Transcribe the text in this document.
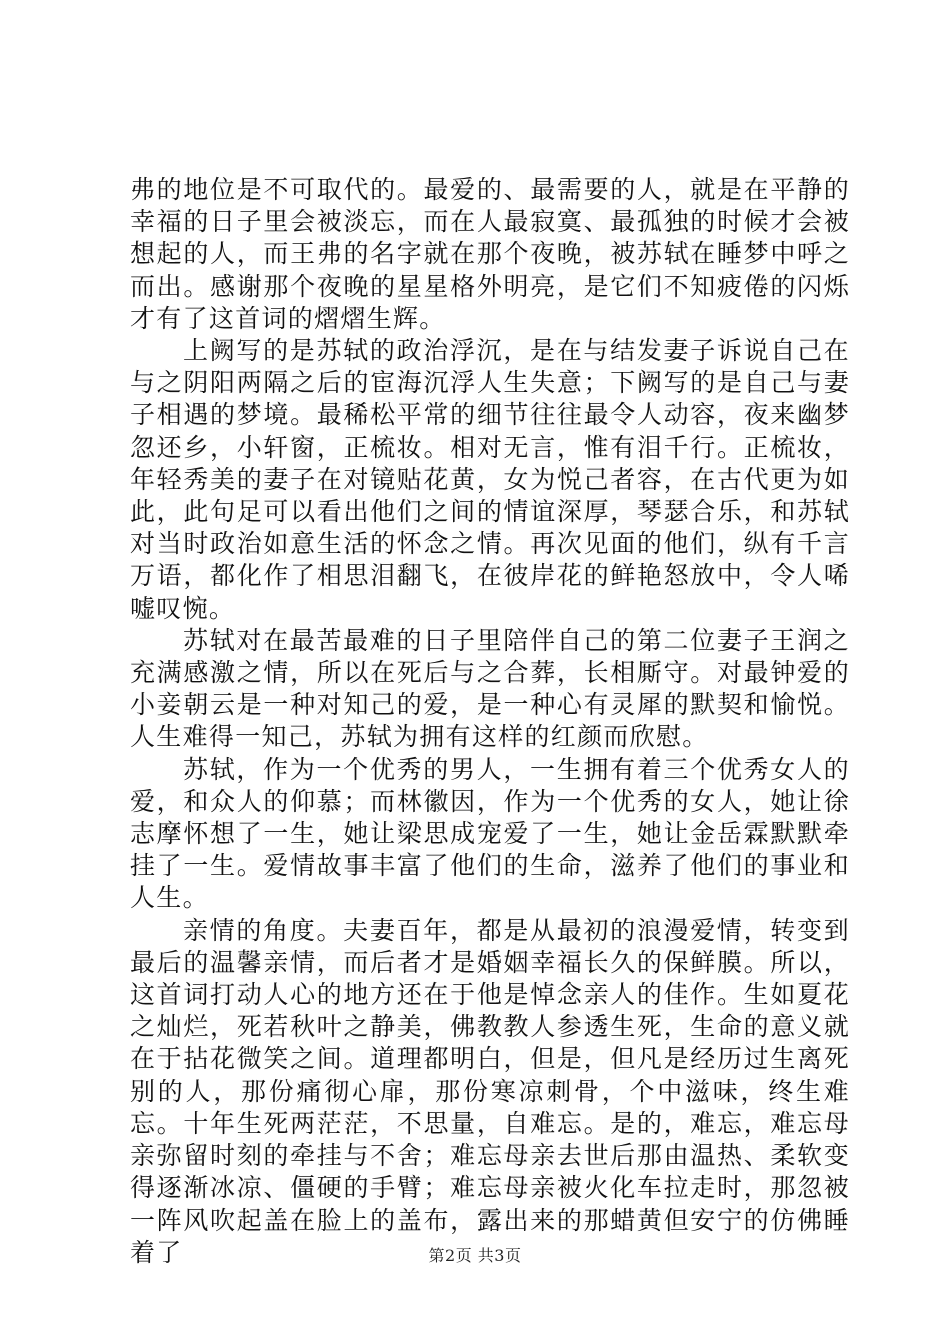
弗的地位是不可取代的。最爱的、最需要的人，就是在平静的幸福的日子里会被淡忘，而在人最寂寞、最孤独的时候才会被想起的人，而王弗的名字就在那个夜晚，被苏轼在睡梦中呼之而出。感谢那个夜晚的星星格外明亮，是它们不知疲倦的闪烁才有了这首词的熠熠生辉。

上阙写的是苏轼的政治浮沉，是在与结发妻子诉说自己在与之阴阳两隔之后的宦海沉浮人生失意；下阙写的是自己与妻子相遇的梦境。最稀松平常的细节往往最令人动容，夜来幽梦忽还乡，小轩窗，正梳妆。相对无言，惟有泪千行。正梳妆，年轻秀美的妻子在对镜贴花黄，女为悦己者容，在古代更为如此，此句足可以看出他们之间的情谊深厚，琴瑟合乐，和苏轼对当时政治如意生活的怀念之情。再次见面的他们，纵有千言万语，都化作了相思泪翻飞，在彼岸花的鲜艳怒放中，令人唏嘘叹惋。

苏轼对在最苦最难的日子里陪伴自己的第二位妻子王润之充满感激之情，所以在死后与之合葬，长相厮守。对最钟爱的小妾朝云是一种对知己的爱，是一种心有灵犀的默契和愉悦。人生难得一知己，苏轼为拥有这样的红颜而欣慰。

苏轼，作为一个优秀的男人，一生拥有着三个优秀女人的爱，和众人的仰慕；而林徽因，作为一个优秀的女人，她让徐志摩怀想了一生，她让梁思成宠爱了一生，她让金岳霖默默牵挂了一生。爱情故事丰富了他们的生命，滋养了他们的事业和人生。

亲情的角度。夫妻百年，都是从最初的浪漫爱情，转变到最后的温馨亲情，而后者才是婚姻幸福长久的保鲜膜。所以，这首词打动人心的地方还在于他是悼念亲人的佳作。生如夏花之灿烂，死若秋叶之静美，佛教教人参透生死，生命的意义就在于拈花微笑之间。道理都明白，但是，但凡是经历过生离死别的人，那份痛彻心扉，那份寒凉刺骨，个中滋味，终生难忘。十年生死两茫茫，不思量，自难忘。是的，难忘，难忘母亲弥留时刻的牵挂与不舍；难忘母亲去世后那由温热、柔软变得逐渐冰凉、僵硬的手臂；难忘母亲被火化车拉走时，那忽被一阵风吹起盖在脸上的盖布，露出来的那蜡黄但安宁的仿佛睡着了	第2页 共3页
